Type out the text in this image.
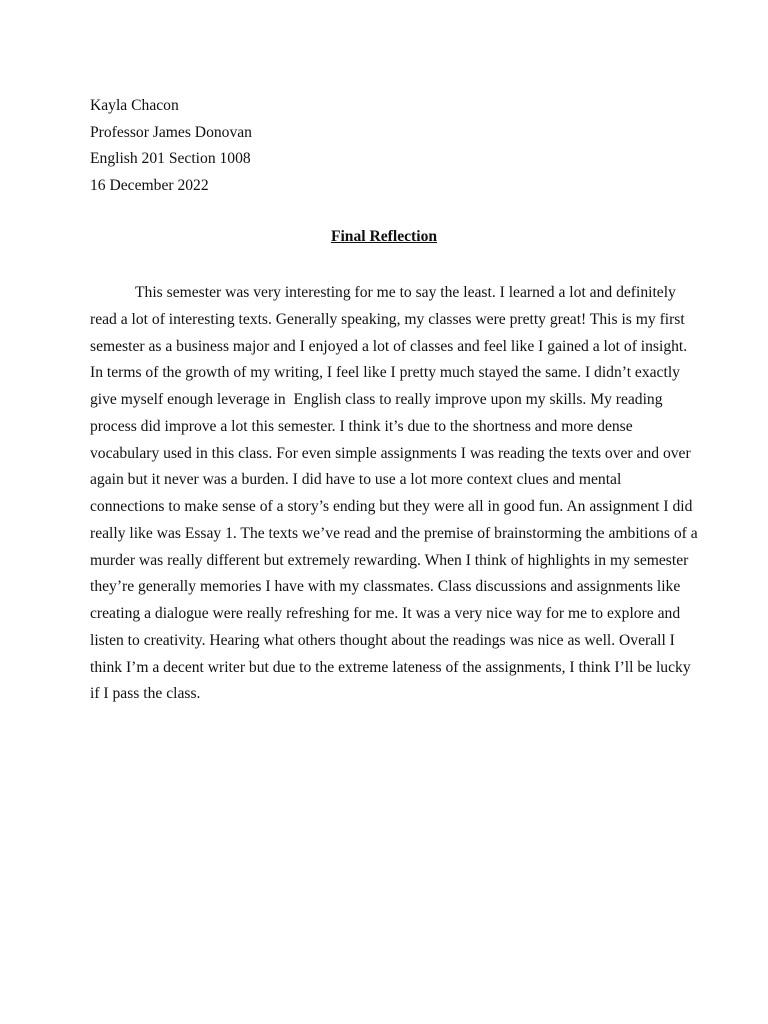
Kayla Chacon
Professor James Donovan
English 201 Section 1008
16 December 2022
Final Reflection
This semester was very interesting for me to say the least. I learned a lot and definitely
read a lot of interesting texts. Generally speaking, my classes were pretty great! This is my first
semester as a business major and I enjoyed a lot of classes and feel like I gained a lot of insight.
In terms of the growth of my writing, I feel like I pretty much stayed the same. I didn’t exactly
give myself enough leverage in  English class to really improve upon my skills. My reading
process did improve a lot this semester. I think it’s due to the shortness and more dense
vocabulary used in this class. For even simple assignments I was reading the texts over and over
again but it never was a burden. I did have to use a lot more context clues and mental
connections to make sense of a story’s ending but they were all in good fun. An assignment I did
really like was Essay 1. The texts we’ve read and the premise of brainstorming the ambitions of a
murder was really different but extremely rewarding. When I think of highlights in my semester
they’re generally memories I have with my classmates. Class discussions and assignments like
creating a dialogue were really refreshing for me. It was a very nice way for me to explore and
listen to creativity. Hearing what others thought about the readings was nice as well. Overall I
think I’m a decent writer but due to the extreme lateness of the assignments, I think I’ll be lucky
if I pass the class.
